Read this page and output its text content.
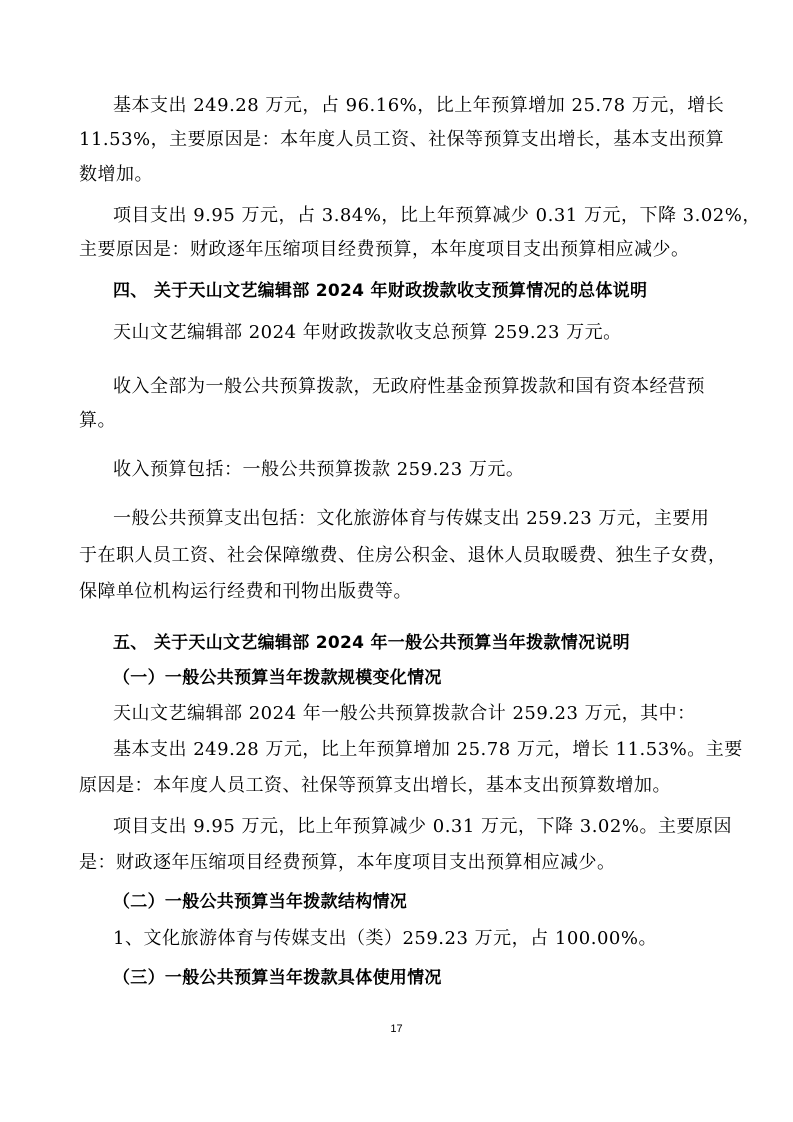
基本支出 249.28 万元，占 96.16%，比上年预算增加 25.78 万元，增长

11.53%，主要原因是：本年度人员工资、社保等预算支出增长，基本支出预算

数增加。

项目支出 9.95 万元，占 3.84%，比上年预算减少 0.31 万元，下降 3.02%，

主要原因是：财政逐年压缩项目经费预算，本年度项目支出预算相应减少。

四、 关于天山文艺编辑部 2024 年财政拨款收支预算情况的总体说明

天山文艺编辑部 2024 年财政拨款收支总预算 259.23 万元。

收入全部为一般公共预算拨款，无政府性基金预算拨款和国有资本经营预

算。

收入预算包括：一般公共预算拨款 259.23 万元。

一般公共预算支出包括：文化旅游体育与传媒支出 259.23 万元，主要用

于在职人员工资、社会保障缴费、住房公积金、退休人员取暖费、独生子女费，

保障单位机构运行经费和刊物出版费等。

五、 关于天山文艺编辑部 2024 年一般公共预算当年拨款情况说明

（一）一般公共预算当年拨款规模变化情况

天山文艺编辑部 2024 年一般公共预算拨款合计 259.23 万元，其中：

基本支出 249.28 万元，比上年预算增加 25.78 万元，增长 11.53%。主要

原因是：本年度人员工资、社保等预算支出增长，基本支出预算数增加。

项目支出 9.95 万元，比上年预算减少 0.31 万元，下降 3.02%。主要原因

是：财政逐年压缩项目经费预算，本年度项目支出预算相应减少。

（二）一般公共预算当年拨款结构情况

1、文化旅游体育与传媒支出（类）259.23 万元，占 100.00%。

（三）一般公共预算当年拨款具体使用情况

17
